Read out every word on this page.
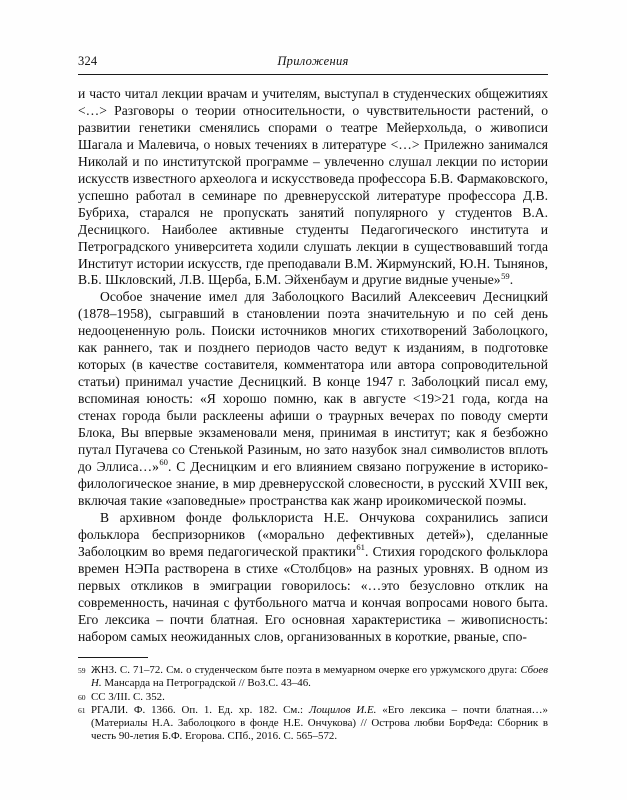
324	Приложения

и часто читал лекции врачам и учителям, выступал в студенческих общежитиях <…> Разговоры о теории относительности, о чувствительности растений, о развитии генетики сменялись спорами о театре Мейерхольда, о живописи Шагала и Малевича, о новых течениях в литературе <…> Прилежно занимался Николай и по институтской программе – увлеченно слушал лекции по истории искусств известного археолога и искусствоведа профессора Б.В. Фармаковского, успешно работал в семинаре по древнерусской литературе профессора Д.В. Бубриха, старался не пропускать занятий популярного у студентов В.А. Десницкого. Наиболее активные студенты Педагогического института и Петроградского университета ходили слушать лекции в существовавший тогда Институт истории искусств, где преподавали В.М. Жирмунский, Ю.Н. Тынянов, В.Б. Шкловский, Л.В. Щерба, Б.М. Эйхенбаум и другие видные ученые»$^{59}$.

Особое значение имел для Заболоцкого Василий Алексеевич Десницкий (1878–1958), сыгравший в становлении поэта значительную и по сей день недооцененную роль. Поиски источников многих стихотворений Заболоцкого, как раннего, так и позднего периодов часто ведут к изданиям, в подготовке которых (в качестве составителя, комментатора или автора сопроводительной статьи) принимал участие Десницкий. В конце 1947 г. Заболоцкий писал ему, вспоминая юность: «Я хорошо помню, как в августе <19>21 года, когда на стенах города были расклеены афиши о траурных вечерах по поводу смерти Блока, Вы впервые экзаменовали меня, принимая в институт; как я безбожно путал Пугачева со Стенькой Разиным, но зато назубок знал символистов вплоть до Эллиса…»$^{60}$. С Десницким и его влиянием связано погружение в историко-филологическое знание, в мир древнерусской словесности, в русский XVIII век, включая такие «заповедные» пространства как жанр ироикомической поэмы.

В архивном фонде фольклориста Н.Е. Ончукова сохранились записи фольклора беспризорников («морально дефективных детей»), сделанные Заболоцким во время педагогической практики$^{61}$. Стихия городского фольклора времен НЭПа растворена в стихе «Столбцов» на разных уровнях. В одном из первых откликов в эмиграции говорилось: «…это безусловно отклик на современность, начиная с футбольного матча и кончая вопросами нового быта. Его лексика – почти блатная. Его основная характеристика – живописность: набором самых неожиданных слов, организованных в короткие, рваные, спо-

59 ЖНЗ. С. 71–72. См. о студенческом быте поэта в мемуарном очерке его уржумского друга: Сбоев Н. Мансарда на Петроградской // ВоЗ.С. 43–46.

60 СС 3/III. С. 352.

61 РГАЛИ. Ф. 1366. Оп. 1. Ед. хр. 182. См.: Лощилов И.Е. «Его лексика – почти блатная…» (Материалы Н.А. Заболоцкого в фонде Н.Е. Ончукова) // Острова любви БорФеда: Сборник в честь 90-летия Б.Ф. Егорова. СПб., 2016. С. 565–572.
